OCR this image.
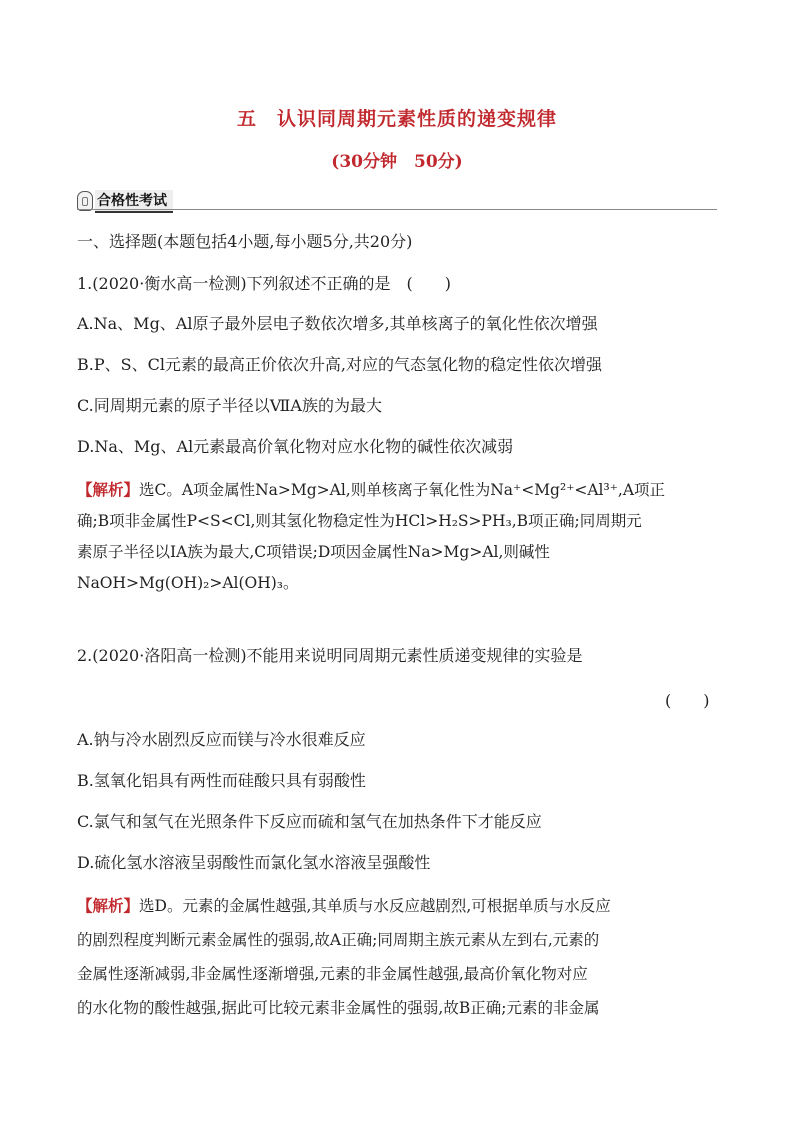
五　认识同周期元素性质的递变规律
(30分钟　50分)
合格性考试
一、选择题(本题包括4小题,每小题5分,共20分)
1.(2020·衡水高一检测)下列叙述不正确的是　(　　)
A.Na、Mg、Al原子最外层电子数依次增多,其单核离子的氧化性依次增强
B.P、S、Cl元素的最高正价依次升高,对应的气态氢化物的稳定性依次增强
C.同周期元素的原子半径以ⅦA族的为最大
D.Na、Mg、Al元素最高价氧化物对应水化物的碱性依次减弱
【解析】选C。A项金属性Na>Mg>Al,则单核离子氧化性为Na⁺<Mg²⁺<Al³⁺,A项正
确;B项非金属性P<S<Cl,则其氢化物稳定性为HCl>H₂S>PH₃,B项正确;同周期元
素原子半径以ⅠA族为最大,C项错误;D项因金属性Na>Mg>Al,则碱性
NaOH>Mg(OH)₂>Al(OH)₃。
2.(2020·洛阳高一检测)不能用来说明同周期元素性质递变规律的实验是
(　　)
A.钠与冷水剧烈反应而镁与冷水很难反应
B.氢氧化铝具有两性而硅酸只具有弱酸性
C.氯气和氢气在光照条件下反应而硫和氢气在加热条件下才能反应
D.硫化氢水溶液呈弱酸性而氯化氢水溶液呈强酸性
【解析】选D。元素的金属性越强,其单质与水反应越剧烈,可根据单质与水反应
的剧烈程度判断元素金属性的强弱,故A正确;同周期主族元素从左到右,元素的
金属性逐渐减弱,非金属性逐渐增强,元素的非金属性越强,最高价氧化物对应
的水化物的酸性越强,据此可比较元素非金属性的强弱,故B正确;元素的非金属
